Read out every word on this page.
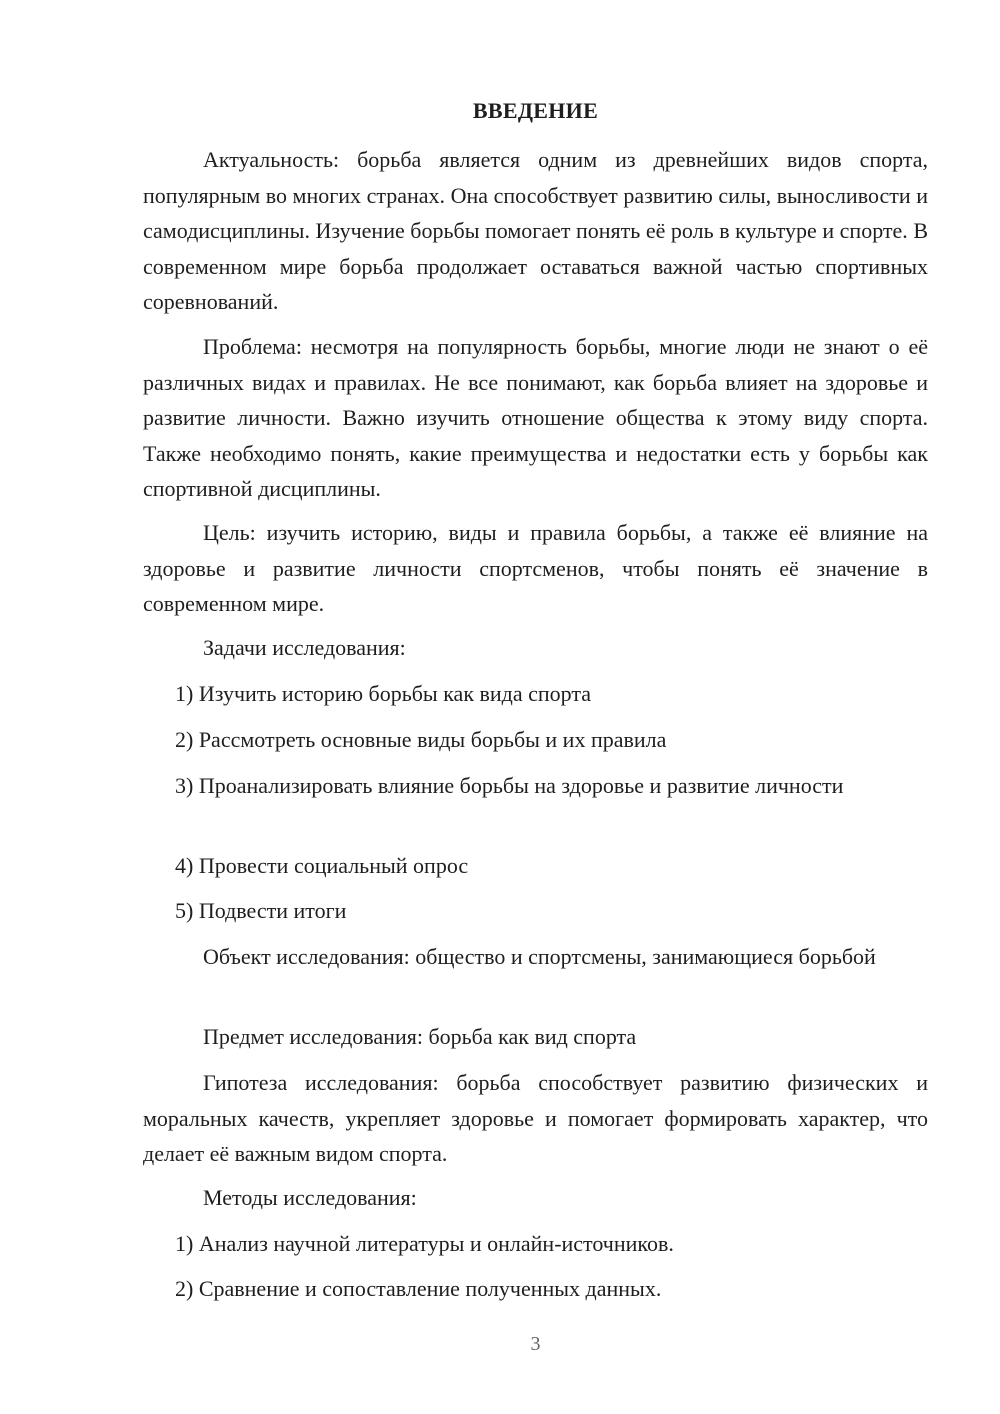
ВВЕДЕНИЕ

Актуальность: борьба является одним из древнейших видов спорта, популярным во многих странах. Она способствует развитию силы, выносливости и самодисциплины. Изучение борьбы помогает понять её роль в культуре и спорте. В современном мире борьба продолжает оставаться важной частью спортивных соревнований.

Проблема: несмотря на популярность борьбы, многие люди не знают о её различных видах и правилах. Не все понимают, как борьба влияет на здоровье и развитие личности. Важно изучить отношение общества к этому виду спорта. Также необходимо понять, какие преимущества и недостатки есть у борьбы как спортивной дисциплины.

Цель: изучить историю, виды и правила борьбы, а также её влияние на здоровье и развитие личности спортсменов, чтобы понять её значение в современном мире.

Задачи исследования:

1) Изучить историю борьбы как вида спорта

2) Рассмотреть основные виды борьбы и их правила

3) Проанализировать влияние борьбы на здоровье и развитие личности

4) Провести социальный опрос

5) Подвести итоги

Объект исследования: общество и спортсмены, занимающиеся борьбой

Предмет исследования: борьба как вид спорта

Гипотеза исследования: борьба способствует развитию физических и моральных качеств, укрепляет здоровье и помогает формировать характер, что делает её важным видом спорта.

Методы исследования:

1) Анализ научной литературы и онлайн-источников.

2) Сравнение и сопоставление полученных данных.

3
